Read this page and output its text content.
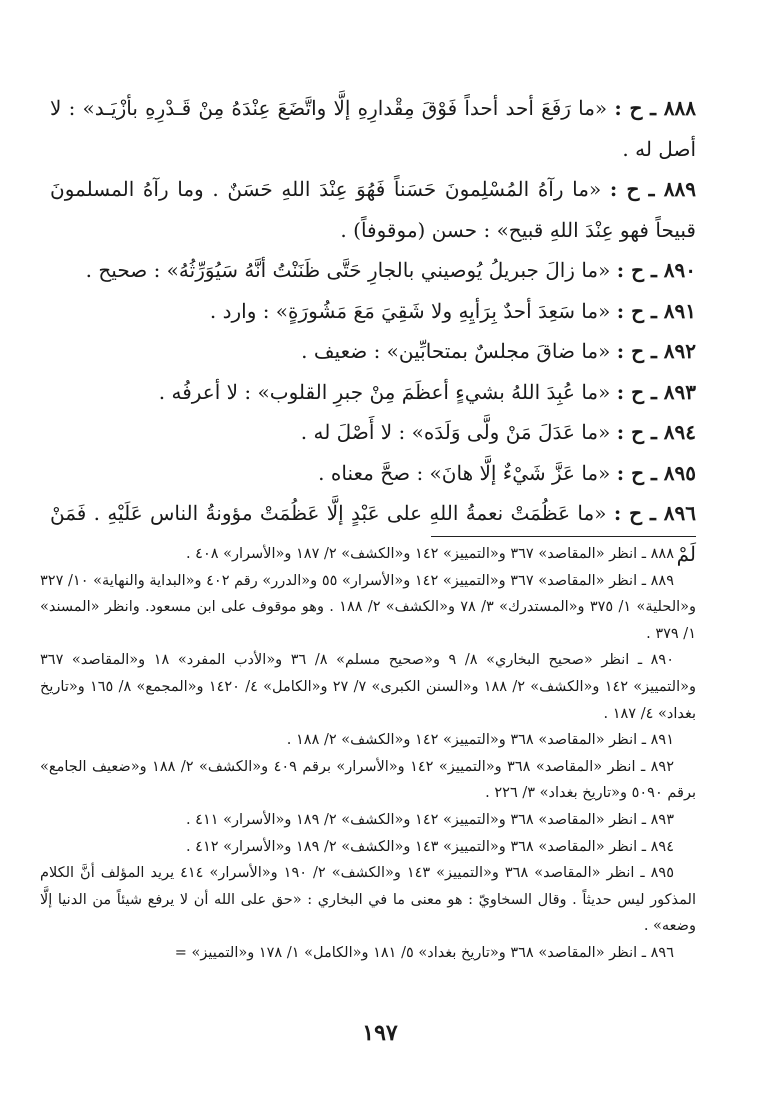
٨٨٨ ـ ح : «ما رَفَعَ أحد أحداً فَوْقَ مِقْدارِهِ إلَّا واتَّضَعَ عِنْدَهُ مِنْ قَـدْرِهِ بأزْيَـد» : لا أصل له .

٨٨٩ ـ ح : «ما رآهُ المُسْلِمونَ حَسَناً فَهُوَ عِنْدَ اللهِ حَسَنٌ . وما رآهُ المسلمونَ قبيحاً فهو عِنْدَ اللهِ قبيح» : حسن (موقوفاً) .

٨٩٠ ـ ح : «ما زالَ جبريلُ يُوصيني بالجارِ حَتَّى ظَنَنْتُ أنَّهُ سَيُوَرِّثُهُ» : صحيح .

٨٩١ ـ ح : «ما سَعِدَ أحدٌ بِرَأيِهِ ولا شَقِيَ مَعَ مَشُورَةٍ» : وارد .

٨٩٢ ـ ح : «ما ضاقَ مجلسٌ بمتحابِّين» : ضعيف .

٨٩٣ ـ ح : «ما عُبِدَ اللهُ بشيءٍ أعظَمَ مِنْ جبرِ القلوب» : لا أعرفُه .

٨٩٤ ـ ح : «ما عَدَلَ مَنْ ولَّى وَلَدَه» : لا أَصْلَ له .

٨٩٥ ـ ح : «ما عَزَّ شَيْءٌ إلَّا هانَ» : صحَّ معناه .

٨٩٦ ـ ح : «ما عَظُمَتْ نعمةُ اللهِ على عَبْدٍ إلَّا عَظُمَتْ مؤونةُ الناس عَلَيْهِ . فَمَنْ لَمْ

٨٨٨ ـ انظر «المقاصد» ٣٦٧ و«التمييز» ١٤٢ و«الكشف» ٢/ ١٨٧ و«الأسرار» ٤٠٨ .

٨٨٩ ـ انظر «المقاصد» ٣٦٧ و«التمييز» ١٤٢ و«الأسرار» ٥٥ و«الدرر» رقم ٤٠٢ و«البداية والنهاية» ١٠/ ٣٢٧ و«الحلية» ١/ ٣٧٥ و«المستدرك» ٣/ ٧٨ و«الكشف» ٢/ ١٨٨ . وهو موقوف على ابن مسعود. وانظر «المسند» ١/ ٣٧٩ .

٨٩٠ ـ انظر «صحيح البخاري» ٨/ ٩ و«صحيح مسلم» ٨/ ٣٦ و«الأدب المفرد» ١٨ و«المقاصد» ٣٦٧ و«التمييز» ١٤٢ و«الكشف» ٢/ ١٨٨ و«السنن الكبرى» ٧/ ٢٧ و«الكامل» ٤/ ١٤٢٠ و«المجمع» ٨/ ١٦٥ و«تاريخ بغداد» ٤/ ١٨٧ .

٨٩١ ـ انظر «المقاصد» ٣٦٨ و«التمييز» ١٤٢ و«الكشف» ٢/ ١٨٨ .

٨٩٢ ـ انظر «المقاصد» ٣٦٨ و«التمييز» ١٤٢ و«الأسرار» برقم ٤٠٩ و«الكشف» ٢/ ١٨٨ و«ضعيف الجامع» برقم ٥٠٩٠ و«تاريخ بغداد» ٣/ ٢٢٦ .

٨٩٣ ـ انظر «المقاصد» ٣٦٨ و«التمييز» ١٤٢ و«الكشف» ٢/ ١٨٩ و«الأسرار» ٤١١ .

٨٩٤ ـ انظر «المقاصد» ٣٦٨ و«التمييز» ١٤٣ و«الكشف» ٢/ ١٨٩ و«الأسرار» ٤١٢ .

٨٩٥ ـ انظر «المقاصد» ٣٦٨ و«التمييز» ١٤٣ و«الكشف» ٢/ ١٩٠ و«الأسرار» ٤١٤ يريد المؤلف أنَّ الكلام المذكور ليس حديثاً . وقال السخاويّ : هو معنى ما في البخاري : «حق على الله أن لا يرفع شيئاً من الدنيا إلَّا وضعه» .

٨٩٦ ـ انظر «المقاصد» ٣٦٨ و«تاريخ بغداد» ٥/ ١٨١ و«الكامل» ١/ ١٧٨ و«التمييز» =

١٩٧
